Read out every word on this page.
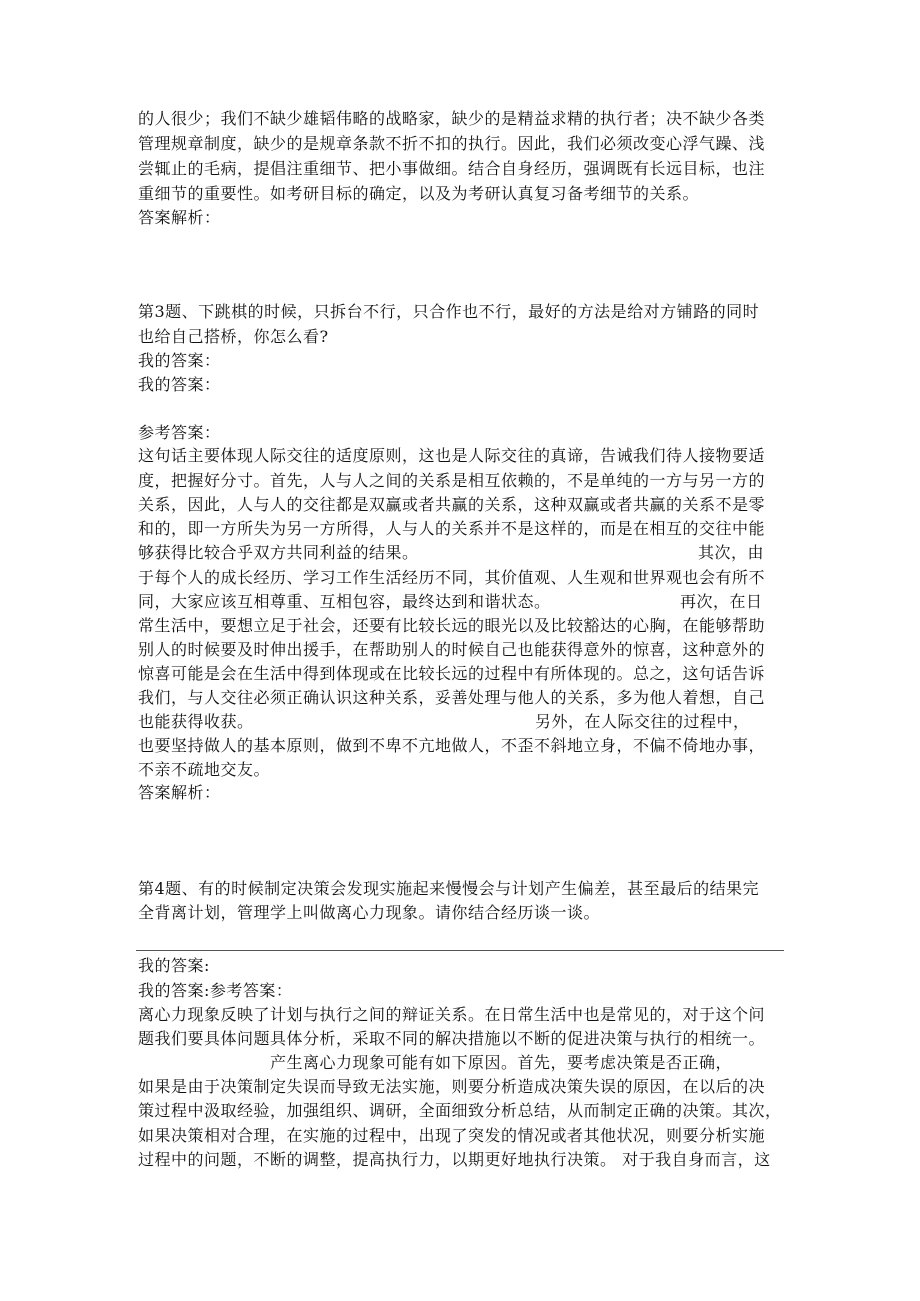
的人很少；我们不缺少雄韬伟略的战略家，缺少的是精益求精的执行者；决不缺少各类
管理规章制度，缺少的是规章条款不折不扣的执行。因此，我们必须改变心浮气躁、浅
尝辄止的毛病，提倡注重细节、把小事做细。结合自身经历，强调既有长远目标，也注
重细节的重要性。如考研目标的确定，以及为考研认真复习备考细节的关系。
答案解析：
第3题、下跳棋的时候，只拆台不行，只合作也不行，最好的方法是给对方铺路的同时
也给自己搭桥，你怎么看?
我的答案：
我的答案：
参考答案：
这句话主要体现人际交往的适度原则，这也是人际交往的真谛，告诫我们待人接物要适
度，把握好分寸。首先，人与人之间的关系是相互依赖的，不是单纯的一方与另一方的
关系，因此，人与人的交往都是双赢或者共赢的关系，这种双赢或者共赢的关系不是零
和的，即一方所失为另一方所得，人与人的关系并不是这样的，而是在相互的交往中能
够获得比较合乎双方共同利益的结果。	其次，由
于每个人的成长经历、学习工作生活经历不同，其价值观、人生观和世界观也会有所不
同，大家应该互相尊重、互相包容，最终达到和谐状态。	再次，在日
常生活中，要想立足于社会，还要有比较长远的眼光以及比较豁达的心胸，在能够帮助
别人的时候要及时伸出援手，在帮助别人的时候自己也能获得意外的惊喜，这种意外的
惊喜可能是会在生活中得到体现或在比较长远的过程中有所体现的。总之，这句话告诉
我们，与人交往必须正确认识这种关系，妥善处理与他人的关系，多为他人着想，自己
也能获得收获。	另外，在人际交往的过程中，
也要坚持做人的基本原则，做到不卑不亢地做人，不歪不斜地立身，不偏不倚地办事，
不亲不疏地交友。
答案解析：
第4题、有的时候制定决策会发现实施起来慢慢会与计划产生偏差，甚至最后的结果完
全背离计划，管理学上叫做离心力现象。请你结合经历谈一谈。
我的答案:
我的答案:参考答案：
离心力现象反映了计划与执行之间的辩证关系。在日常生活中也是常见的，对于这个问
题我们要具体问题具体分析，采取不同的解决措施以不断的促进决策与执行的相统一。
产生离心力现象可能有如下原因。首先，要考虑决策是否正确，
如果是由于决策制定失误而导致无法实施，则要分析造成决策失误的原因，在以后的决
策过程中汲取经验，加强组织、调研，全面细致分析总结，从而制定正确的决策。其次，
如果决策相对合理，在实施的过程中，出现了突发的情况或者其他状况，则要分析实施
过程中的问题，不断的调整，提高执行力，以期更好地执行决策。 对于我自身而言，这
